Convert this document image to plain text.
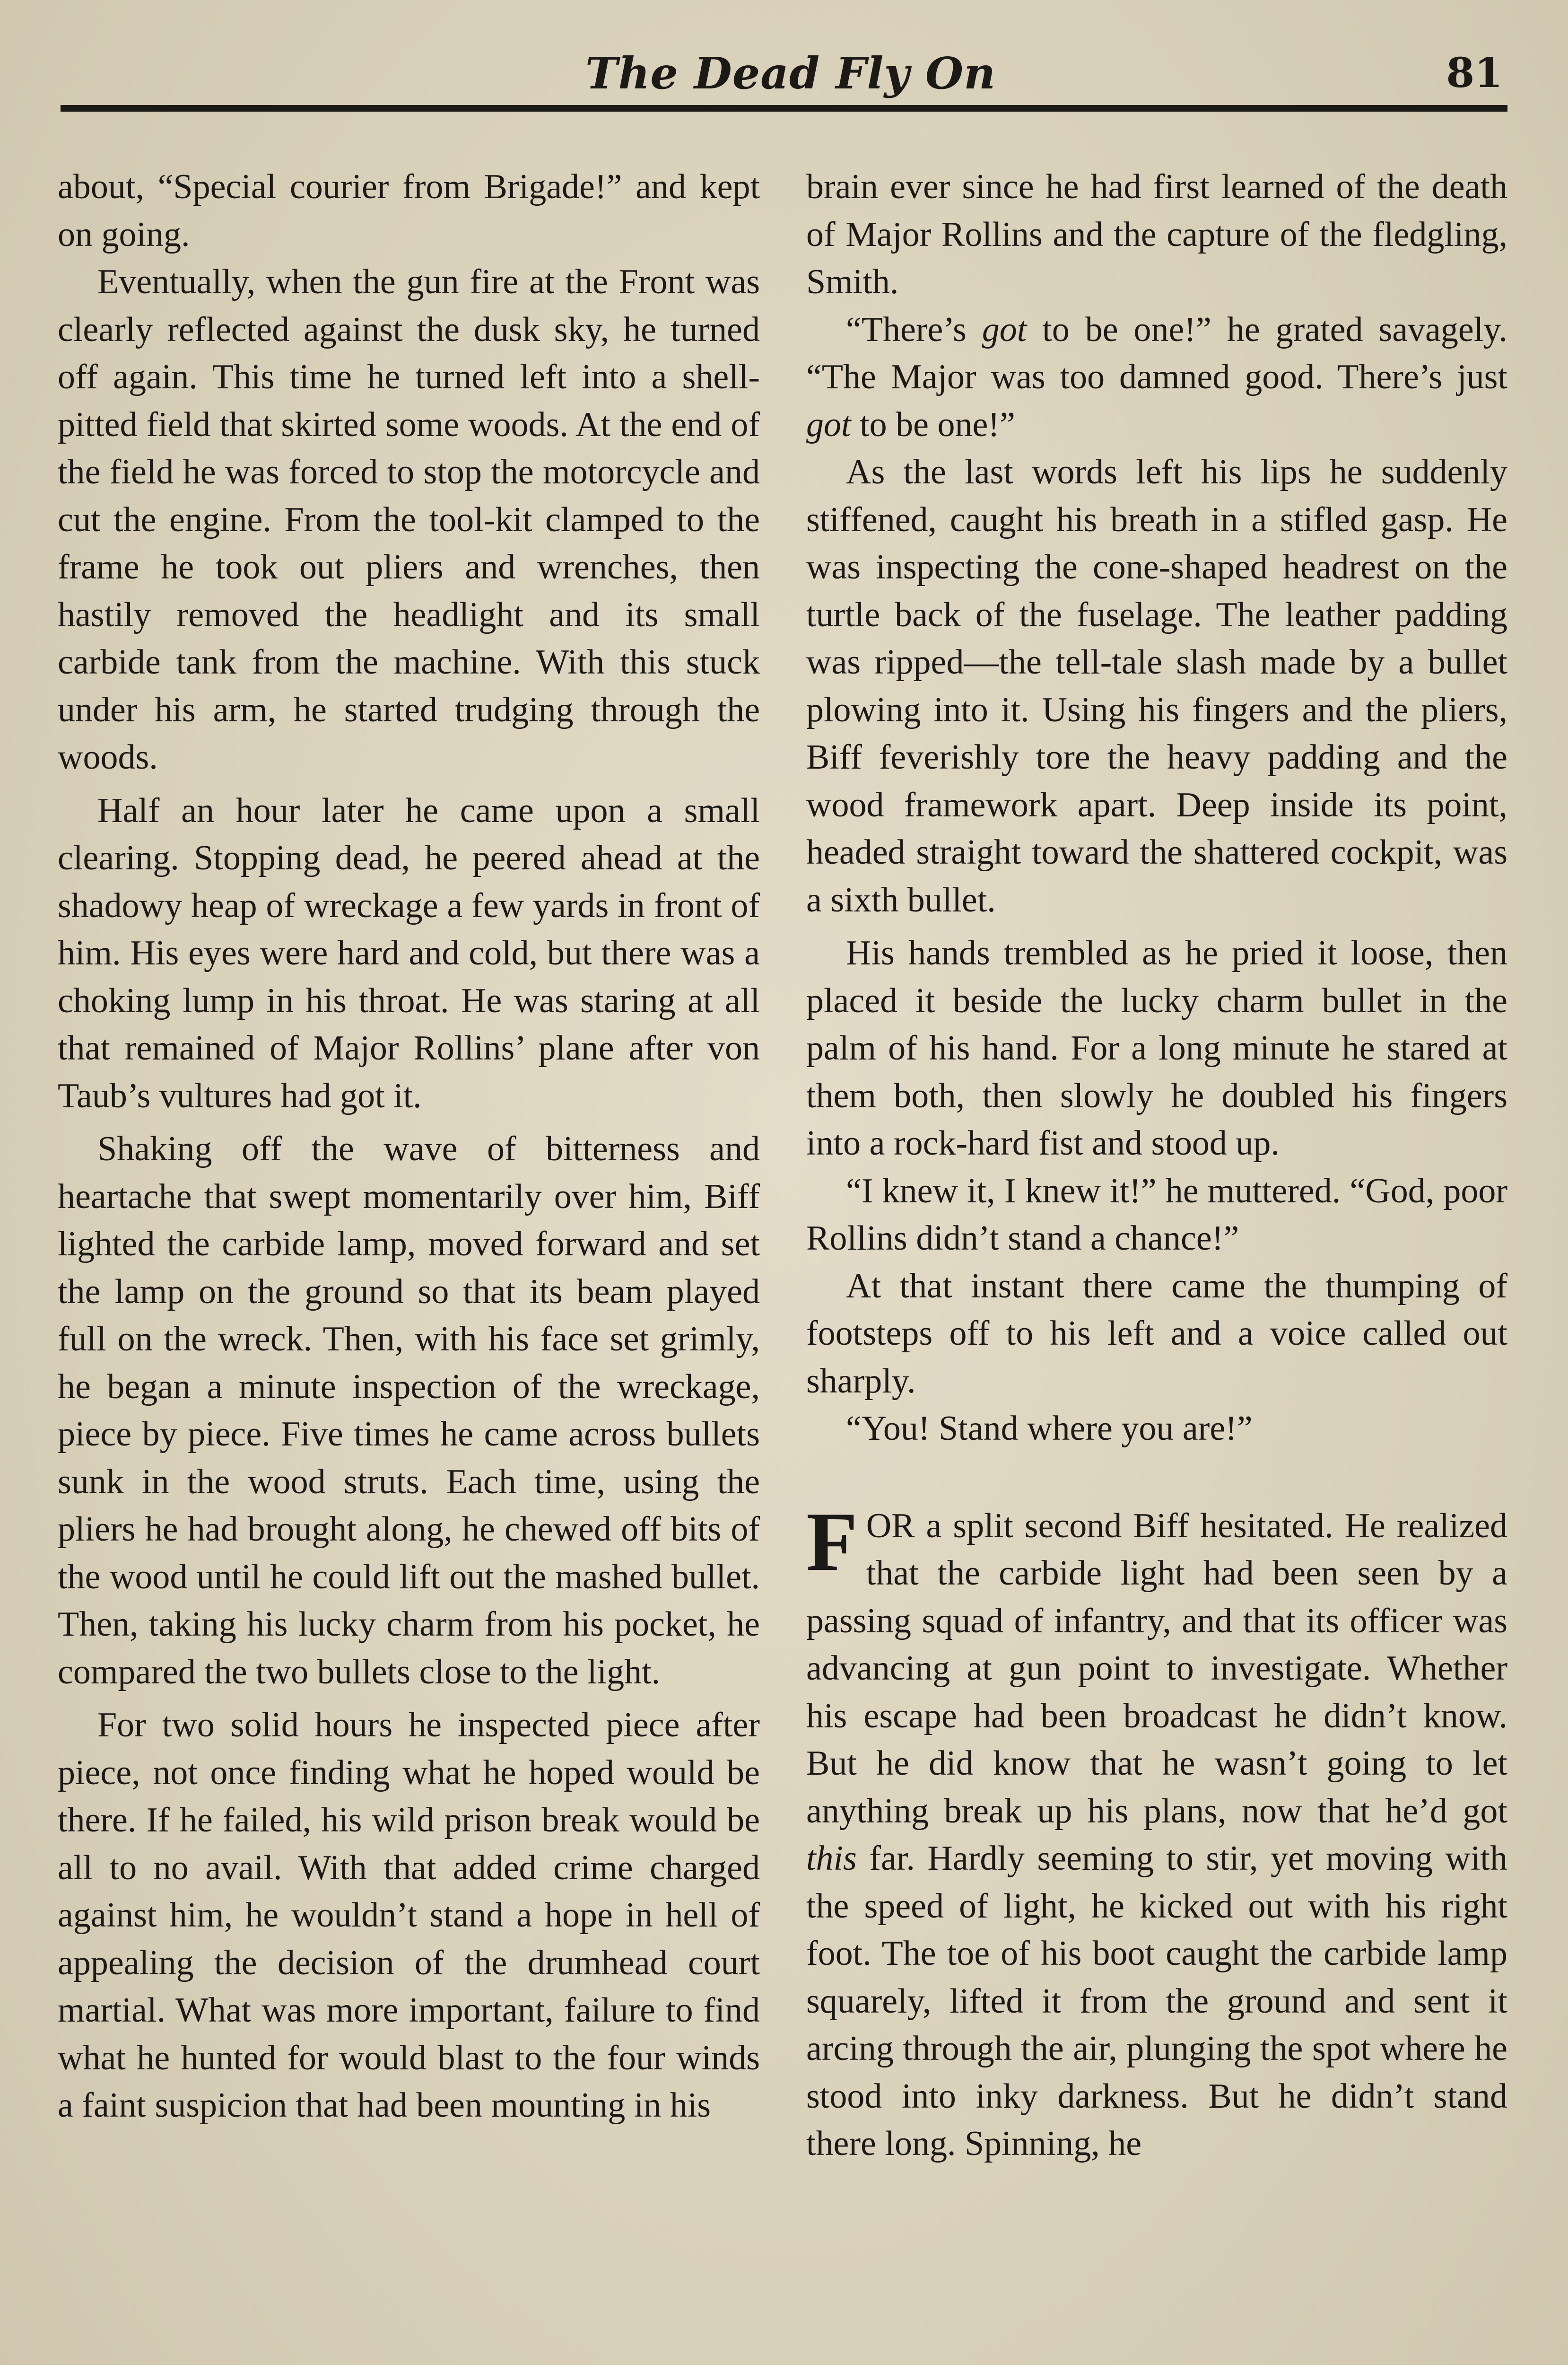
The Dead Fly On	81

about, “Special courier from Brigade!” and kept on going.

Eventually, when the gun fire at the Front was clearly reflected against the dusk sky, he turned off again. This time he turned left into a shell-pitted field that skirted some woods. At the end of the field he was forced to stop the motorcycle and cut the engine. From the tool-kit clamped to the frame he took out pliers and wrenches, then hastily removed the headlight and its small carbide tank from the machine. With this stuck under his arm, he started trudging through the woods.

Half an hour later he came upon a small clearing. Stopping dead, he peered ahead at the shadowy heap of wreckage a few yards in front of him. His eyes were hard and cold, but there was a choking lump in his throat. He was staring at all that remained of Major Rollins’ plane after von Taub’s vultures had got it.

Shaking off the wave of bitterness and heartache that swept momentarily over him, Biff lighted the carbide lamp, moved forward and set the lamp on the ground so that its beam played full on the wreck. Then, with his face set grimly, he began a minute inspection of the wreckage, piece by piece. Five times he came across bullets sunk in the wood struts. Each time, using the pliers he had brought along, he chewed off bits of the wood until he could lift out the mashed bullet. Then, taking his lucky charm from his pocket, he compared the two bullets close to the light.

For two solid hours he inspected piece after piece, not once finding what he hoped would be there. If he failed, his wild prison break would be all to no avail. With that added crime charged against him, he wouldn’t stand a hope in hell of appealing the decision of the drumhead court martial. What was more important, failure to find what he hunted for would blast to the four winds a faint suspicion that had been mounting in his

brain ever since he had first learned of the death of Major Rollins and the capture of the fledgling, Smith.

“There’s got to be one!” he grated savagely. “The Major was too damned good. There’s just got to be one!”

As the last words left his lips he suddenly stiffened, caught his breath in a stifled gasp. He was inspecting the cone-shaped headrest on the turtle back of the fuselage. The leather padding was ripped—the tell-tale slash made by a bullet plowing into it. Using his fingers and the pliers, Biff feverishly tore the heavy padding and the wood framework apart. Deep inside its point, headed straight toward the shattered cockpit, was a sixth bullet.

His hands trembled as he pried it loose, then placed it beside the lucky charm bullet in the palm of his hand. For a long minute he stared at them both, then slowly he doubled his fingers into a rock-hard fist and stood up.

“I knew it, I knew it!” he muttered. “God, poor Rollins didn’t stand a chance!”

At that instant there came the thumping of footsteps off to his left and a voice called out sharply.

“You! Stand where you are!”

FOR a split second Biff hesitated. He realized that the carbide light had been seen by a passing squad of infantry, and that its officer was advancing at gun point to investigate. Whether his escape had been broadcast he didn’t know. But he did know that he wasn’t going to let anything break up his plans, now that he’d got this far. Hardly seeming to stir, yet moving with the speed of light, he kicked out with his right foot. The toe of his boot caught the carbide lamp squarely, lifted it from the ground and sent it arcing through the air, plunging the spot where he stood into inky darkness. But he didn’t stand there long. Spinning, he
